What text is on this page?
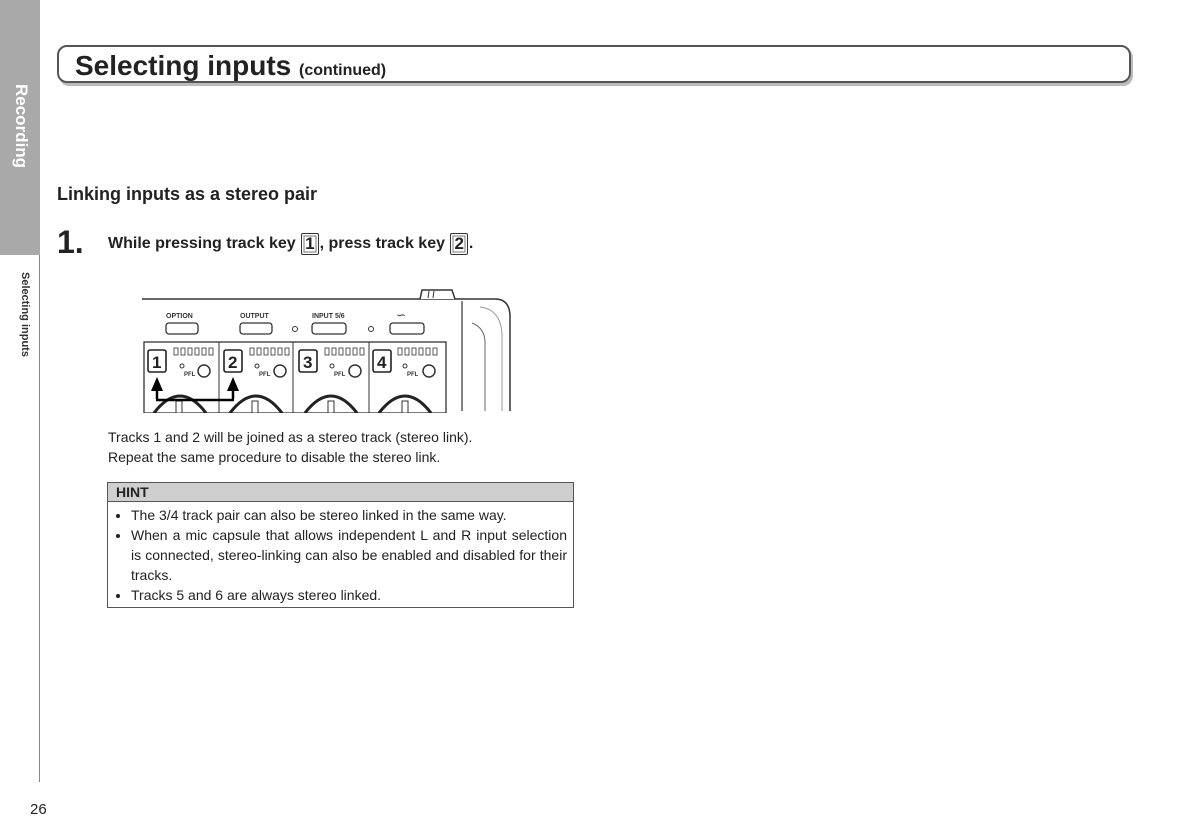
Recording
Selecting inputs
Selecting inputs (continued)
Linking inputs as a stereo pair
1. While pressing track key
1 , press track key
2 .
OPTION	OUTPUT	INPUT 5/6	∽
1
PFL
2
PFL
3
PFL
4
PFL
Tracks 1 and 2 will be joined as a stereo track (stereo link).
Repeat the same procedure to disable the stereo link.
HINT
• The 3/4 track pair can also be stereo linked in the same way.
• When a mic capsule that allows independent L and R input selection is connected, stereo-linking can also be enabled and disabled for their tracks.
• Tracks 5 and 6 are always stereo linked.
26
